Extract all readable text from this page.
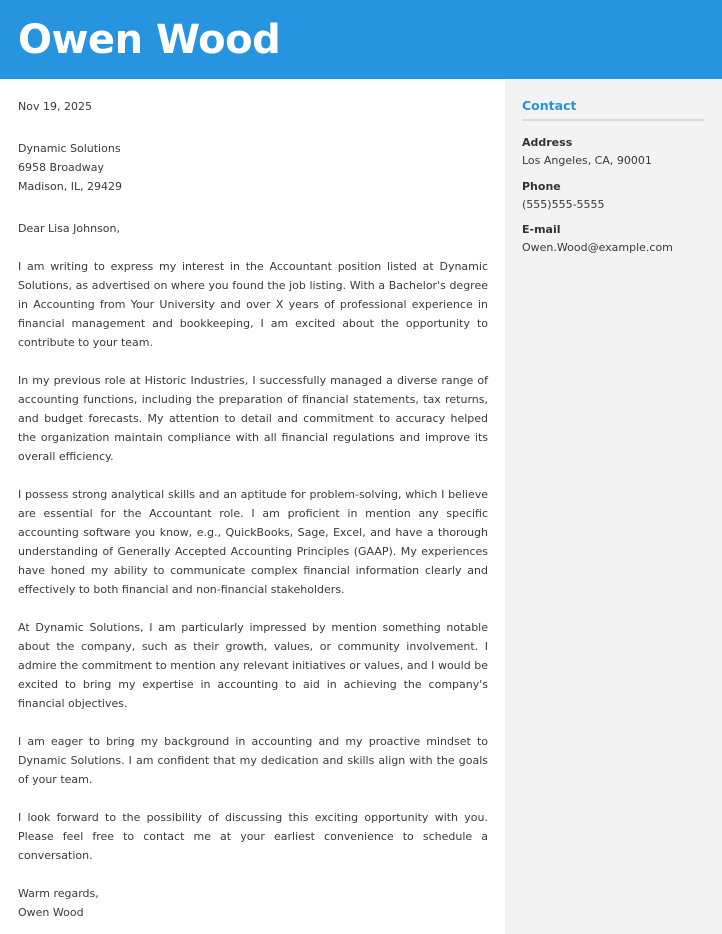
Owen Wood
Contact
Address
Los Angeles, CA, 90001
Phone
(555)555-5555
E-mail
Owen.Wood@example.com
Nov 19, 2025
Dynamic Solutions
6958 Broadway
Madison, IL, 29429
Dear Lisa Johnson,

I am writing to express my interest in the Accountant position listed at Dynamic Solutions, as advertised on where you found the job listing. With a Bachelor's degree in Accounting from Your University and over X years of professional experience in financial management and bookkeeping, I am excited about the opportunity to contribute to your team.

In my previous role at Historic Industries, I successfully managed a diverse range of accounting functions, including the preparation of financial statements, tax returns, and budget forecasts. My attention to detail and commitment to accuracy helped the organization maintain compliance with all financial regulations and improve its overall efficiency.

I possess strong analytical skills and an aptitude for problem-solving, which I believe are essential for the Accountant role. I am proficient in mention any specific accounting software you know, e.g., QuickBooks, Sage, Excel, and have a thorough understanding of Generally Accepted Accounting Principles (GAAP). My experiences have honed my ability to communicate complex financial information clearly and effectively to both financial and non-financial stakeholders.

At Dynamic Solutions, I am particularly impressed by mention something notable about the company, such as their growth, values, or community involvement. I admire the commitment to mention any relevant initiatives or values, and I would be excited to bring my expertise in accounting to aid in achieving the company's financial objectives.

I am eager to bring my background in accounting and my proactive mindset to Dynamic Solutions. I am confident that my dedication and skills align with the goals of your team.

I look forward to the possibility of discussing this exciting opportunity with you. Please feel free to contact me at your earliest convenience to schedule a conversation.

Warm regards,
Owen Wood
